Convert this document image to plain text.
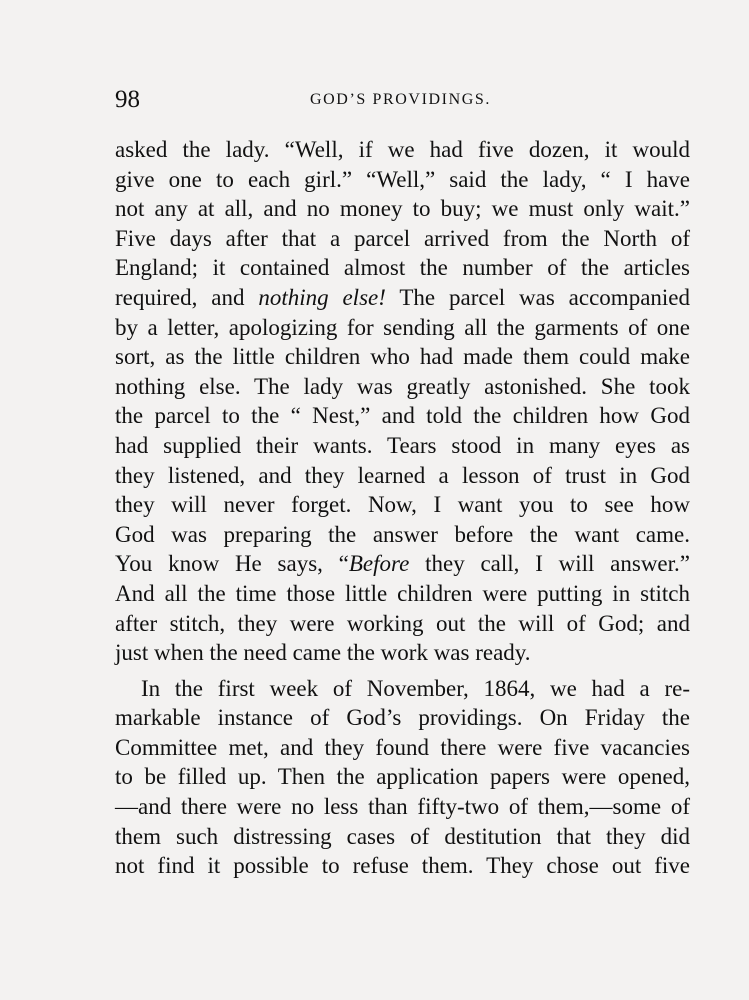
98	GOD’S PROVIDINGS.
asked the lady. “Well, if we had five dozen, it would
give one to each girl.” “Well,” said the lady, “ I have
not any at all, and no money to buy; we must only wait.”
Five days after that a parcel arrived from the North of
England; it contained almost the number of the articles
required, and nothing else! The parcel was accompanied
by a letter, apologizing for sending all the garments of one
sort, as the little children who had made them could make
nothing else. The lady was greatly astonished. She took
the parcel to the “ Nest,” and told the children how God
had supplied their wants. Tears stood in many eyes as
they listened, and they learned a lesson of trust in God
they will never forget. Now, I want you to see how
God was preparing the answer before the want came.
You know He says, “Before they call, I will answer.”
And all the time those little children were putting in stitch
after stitch, they were working out the will of God; and
just when the need came the work was ready.
In the first week of November, 1864, we had a re-
markable instance of God’s providings. On Friday the
Committee met, and they found there were five vacancies
to be filled up. Then the application papers were opened,
—and there were no less than fifty-two of them,—some of
them such distressing cases of destitution that they did
not find it possible to refuse them. They chose out five
